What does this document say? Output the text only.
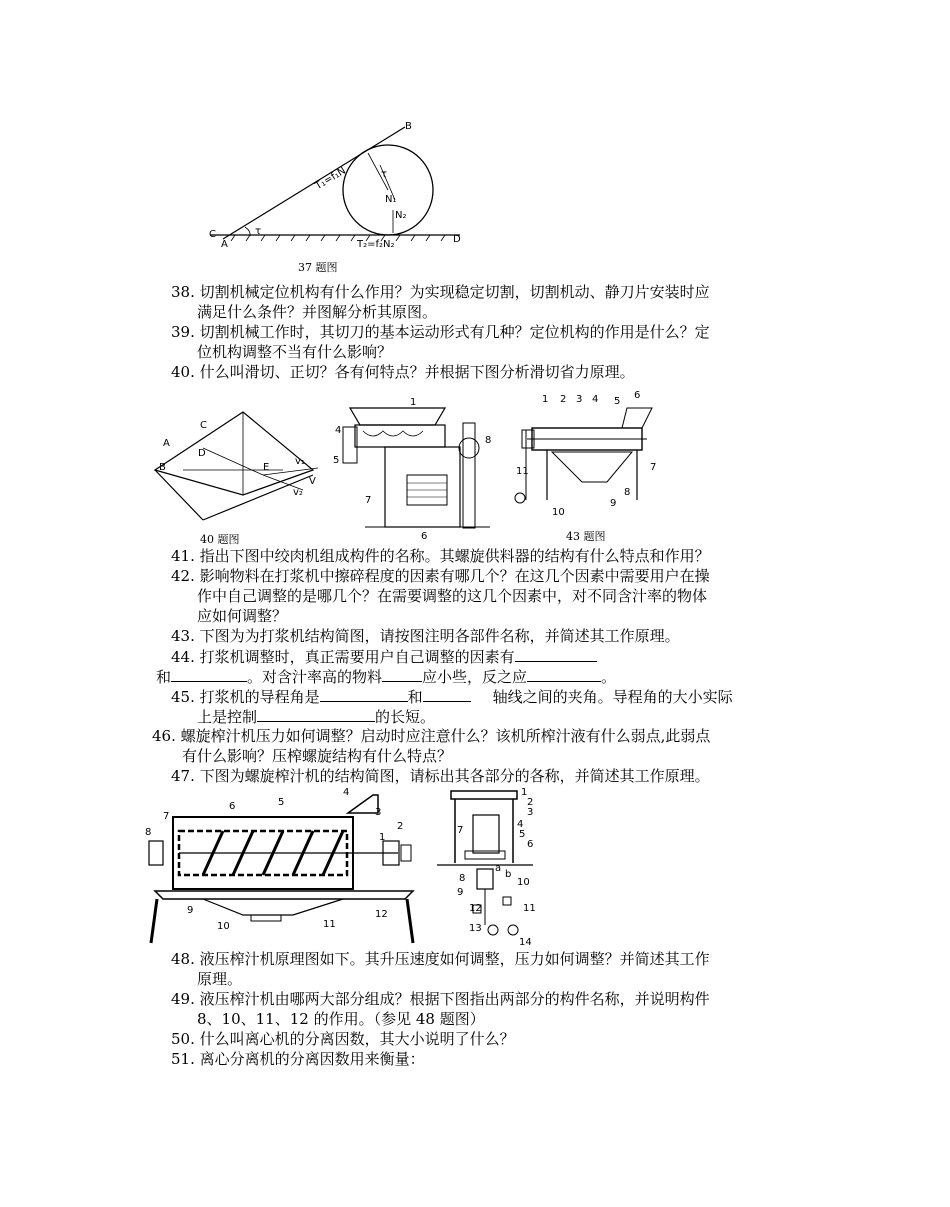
B
C
A	D
τ
τ
N₁
N₂
T₁=f₁N
T₂=f₂N₂
37 题图
38. 切割机械定位机构有什么作用？为实现稳定切割，切割机动、静刀片安装时应
满足什么条件？并图解分析其原图。
39. 切割机械工作时，其切刀的基本运动形式有几种？定位机构的作用是什么？定
位机构调整不当有什么影响？
40. 什么叫滑切、正切？各有何特点？并根据下图分析滑切省力原理。
A
B
C
D
E
V
v₁
v₂
40 题图
1
4
5
6
7
8
1 2 3 4 5
6
7
8
9
10
11
43 题图
41. 指出下图中绞肉机组成构件的名称。其螺旋供料器的结构有什么特点和作用？
42. 影响物料在打浆机中擦碎程度的因素有哪几个？在这几个因素中需要用户在操
作中自己调整的是哪几个？在需要调整的这几个因素中，对不同含汁率的物体
应如何调整？
43. 下图为为打浆机结构简图，请按图注明各部件名称，并简述其工作原理。
44. 打浆机调整时，真正需要用户自己调整的因素有
和	。对含汁率高的物料	应小些，反之应	。
45. 打浆机的导程角是	和	轴线之间的夹角。导程角的大小实际
上是控制	的长短。
46. 螺旋榨汁机压力如何调整？启动时应注意什么？该机所榨汁液有什么弱点,此弱点
有什么影响？压榨螺旋结构有什么特点？
47. 下图为螺旋榨汁机的结构简图，请标出其各部分的各称，并简述其工作原理。
1
2
3
4
5
6
7
8
9
10	11
12
1
2
3
4
5
6
7
8
9
10
11
12
13
14
a
b
48. 液压榨汁机原理图如下。其升压速度如何调整，压力如何调整？并简述其工作
原理。
49. 液压榨汁机由哪两大部分组成？根据下图指出两部分的构件名称，并说明构件
8、10、11、12 的作用。（参见 48 题图）
50. 什么叫离心机的分离因数，其大小说明了什么？
51. 离心分离机的分离因数用来衡量：
